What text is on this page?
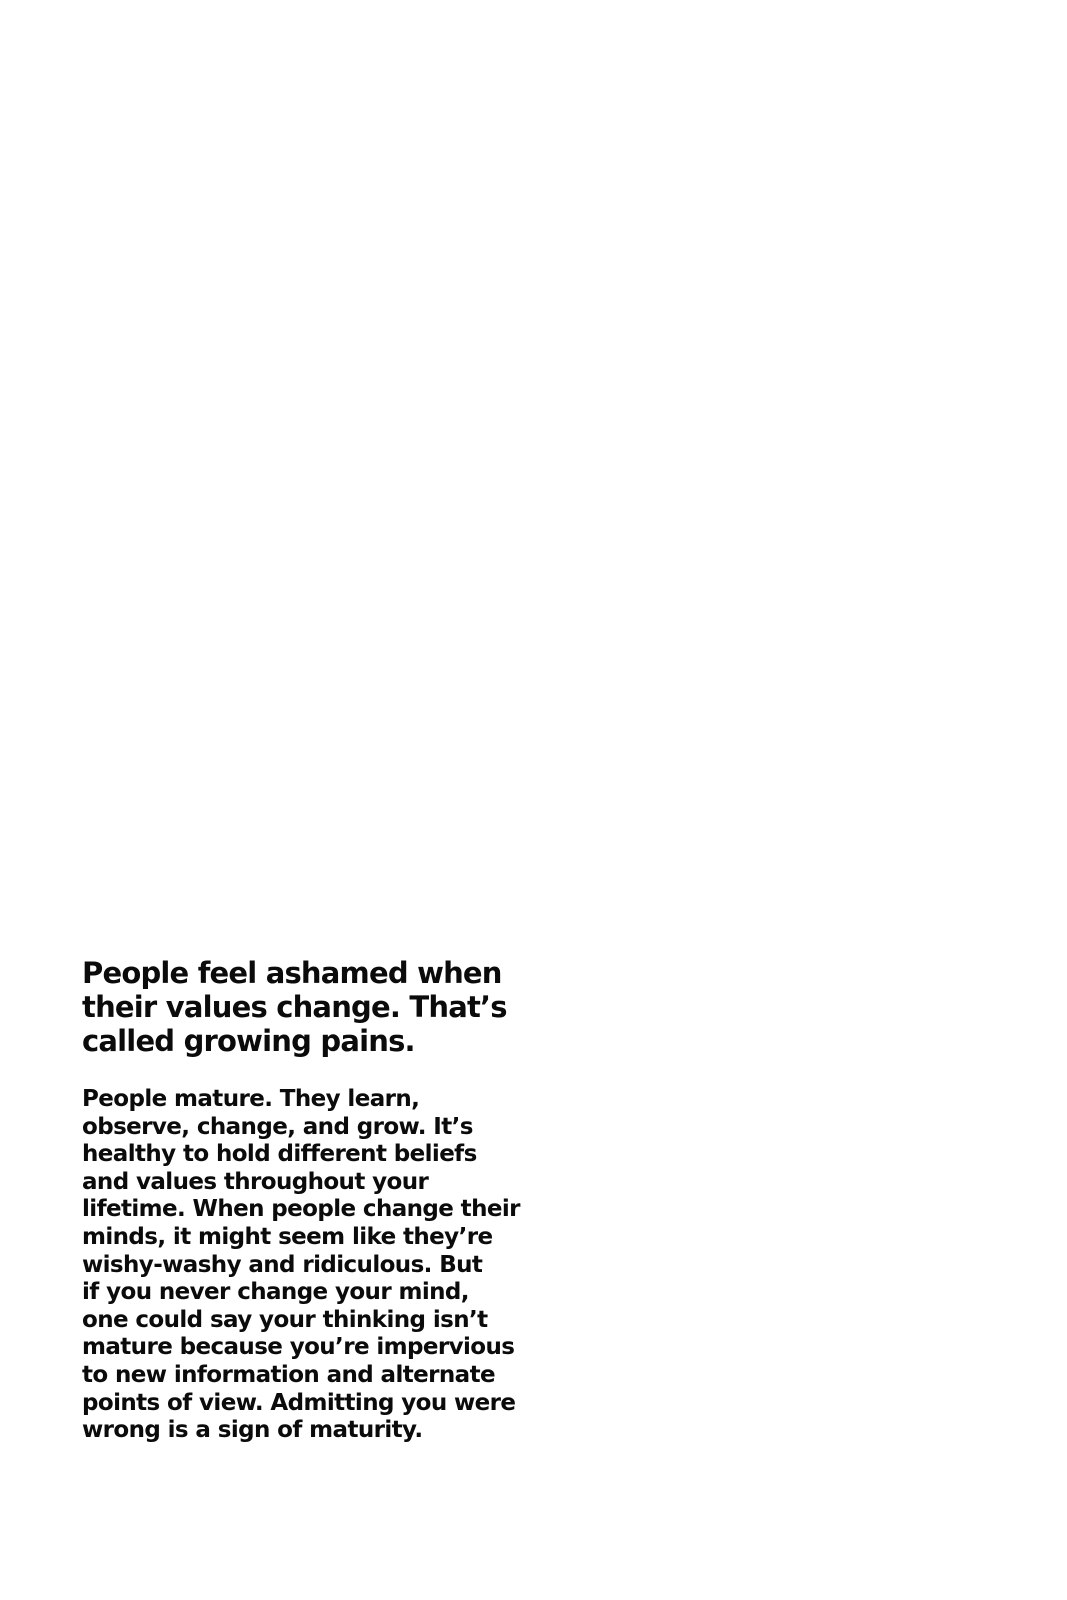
People feel ashamed when
their values change. That’s
called growing pains.

People mature. They learn,
observe, change, and grow. It’s
healthy to hold different beliefs
and values throughout your
lifetime. When people change their
minds, it might seem like they’re
wishy-washy and ridiculous. But
if you never change your mind,
one could say your thinking isn’t
mature because you’re impervious
to new information and alternate
points of view. Admitting you were
wrong is a sign of maturity.
